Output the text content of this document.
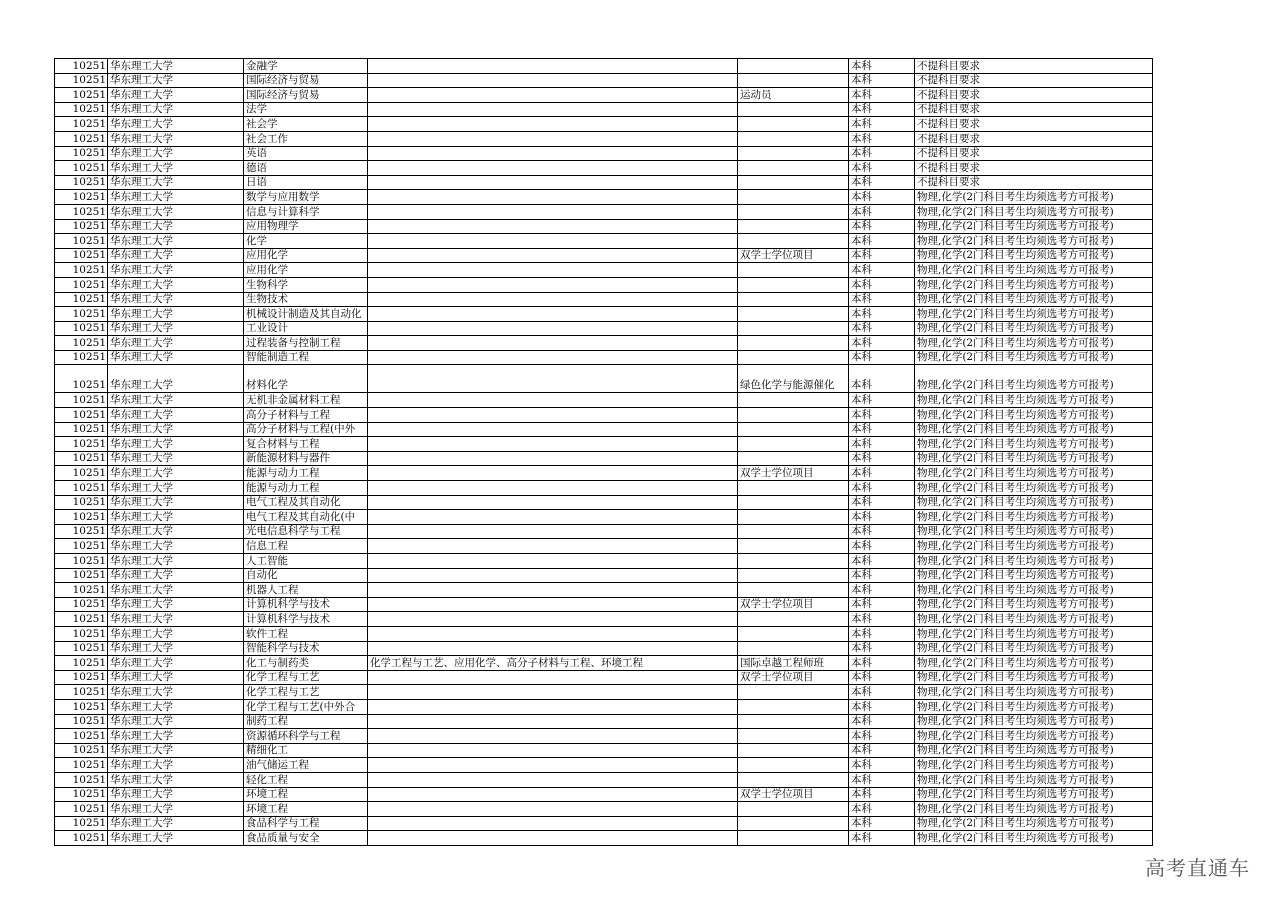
10251	华东理工大学	金融学			本科	不提科目要求
10251	华东理工大学	国际经济与贸易			本科	不提科目要求
10251	华东理工大学	国际经济与贸易		运动员	本科	不提科目要求
10251	华东理工大学	法学			本科	不提科目要求
10251	华东理工大学	社会学			本科	不提科目要求
10251	华东理工大学	社会工作			本科	不提科目要求
10251	华东理工大学	英语			本科	不提科目要求
10251	华东理工大学	德语			本科	不提科目要求
10251	华东理工大学	日语			本科	不提科目要求
10251	华东理工大学	数学与应用数学			本科	物理,化学(2门科目考生均须选考方可报考)
10251	华东理工大学	信息与计算科学			本科	物理,化学(2门科目考生均须选考方可报考)
10251	华东理工大学	应用物理学			本科	物理,化学(2门科目考生均须选考方可报考)
10251	华东理工大学	化学			本科	物理,化学(2门科目考生均须选考方可报考)
10251	华东理工大学	应用化学		双学士学位项目	本科	物理,化学(2门科目考生均须选考方可报考)
10251	华东理工大学	应用化学			本科	物理,化学(2门科目考生均须选考方可报考)
10251	华东理工大学	生物科学			本科	物理,化学(2门科目考生均须选考方可报考)
10251	华东理工大学	生物技术			本科	物理,化学(2门科目考生均须选考方可报考)
10251	华东理工大学	机械设计制造及其自动化			本科	物理,化学(2门科目考生均须选考方可报考)
10251	华东理工大学	工业设计			本科	物理,化学(2门科目考生均须选考方可报考)
10251	华东理工大学	过程装备与控制工程			本科	物理,化学(2门科目考生均须选考方可报考)
10251	华东理工大学	智能制造工程			本科	物理,化学(2门科目考生均须选考方可报考)
10251	华东理工大学	材料化学		绿色化学与能源催化	本科	物理,化学(2门科目考生均须选考方可报考)
10251	华东理工大学	无机非金属材料工程			本科	物理,化学(2门科目考生均须选考方可报考)
10251	华东理工大学	高分子材料与工程			本科	物理,化学(2门科目考生均须选考方可报考)
10251	华东理工大学	高分子材料与工程(中外			本科	物理,化学(2门科目考生均须选考方可报考)
10251	华东理工大学	复合材料与工程			本科	物理,化学(2门科目考生均须选考方可报考)
10251	华东理工大学	新能源材料与器件			本科	物理,化学(2门科目考生均须选考方可报考)
10251	华东理工大学	能源与动力工程		双学士学位项目	本科	物理,化学(2门科目考生均须选考方可报考)
10251	华东理工大学	能源与动力工程			本科	物理,化学(2门科目考生均须选考方可报考)
10251	华东理工大学	电气工程及其自动化			本科	物理,化学(2门科目考生均须选考方可报考)
10251	华东理工大学	电气工程及其自动化(中			本科	物理,化学(2门科目考生均须选考方可报考)
10251	华东理工大学	光电信息科学与工程			本科	物理,化学(2门科目考生均须选考方可报考)
10251	华东理工大学	信息工程			本科	物理,化学(2门科目考生均须选考方可报考)
10251	华东理工大学	人工智能			本科	物理,化学(2门科目考生均须选考方可报考)
10251	华东理工大学	自动化			本科	物理,化学(2门科目考生均须选考方可报考)
10251	华东理工大学	机器人工程			本科	物理,化学(2门科目考生均须选考方可报考)
10251	华东理工大学	计算机科学与技术		双学士学位项目	本科	物理,化学(2门科目考生均须选考方可报考)
10251	华东理工大学	计算机科学与技术			本科	物理,化学(2门科目考生均须选考方可报考)
10251	华东理工大学	软件工程			本科	物理,化学(2门科目考生均须选考方可报考)
10251	华东理工大学	智能科学与技术			本科	物理,化学(2门科目考生均须选考方可报考)
10251	华东理工大学	化工与制药类	化学工程与工艺、应用化学、高分子材料与工程、环境工程	国际卓越工程师班	本科	物理,化学(2门科目考生均须选考方可报考)
10251	华东理工大学	化学工程与工艺		双学士学位项目	本科	物理,化学(2门科目考生均须选考方可报考)
10251	华东理工大学	化学工程与工艺			本科	物理,化学(2门科目考生均须选考方可报考)
10251	华东理工大学	化学工程与工艺(中外合			本科	物理,化学(2门科目考生均须选考方可报考)
10251	华东理工大学	制药工程			本科	物理,化学(2门科目考生均须选考方可报考)
10251	华东理工大学	资源循环科学与工程			本科	物理,化学(2门科目考生均须选考方可报考)
10251	华东理工大学	精细化工			本科	物理,化学(2门科目考生均须选考方可报考)
10251	华东理工大学	油气储运工程			本科	物理,化学(2门科目考生均须选考方可报考)
10251	华东理工大学	轻化工程			本科	物理,化学(2门科目考生均须选考方可报考)
10251	华东理工大学	环境工程		双学士学位项目	本科	物理,化学(2门科目考生均须选考方可报考)
10251	华东理工大学	环境工程			本科	物理,化学(2门科目考生均须选考方可报考)
10251	华东理工大学	食品科学与工程			本科	物理,化学(2门科目考生均须选考方可报考)
10251	华东理工大学	食品质量与安全			本科	物理,化学(2门科目考生均须选考方可报考)
高考直通车
